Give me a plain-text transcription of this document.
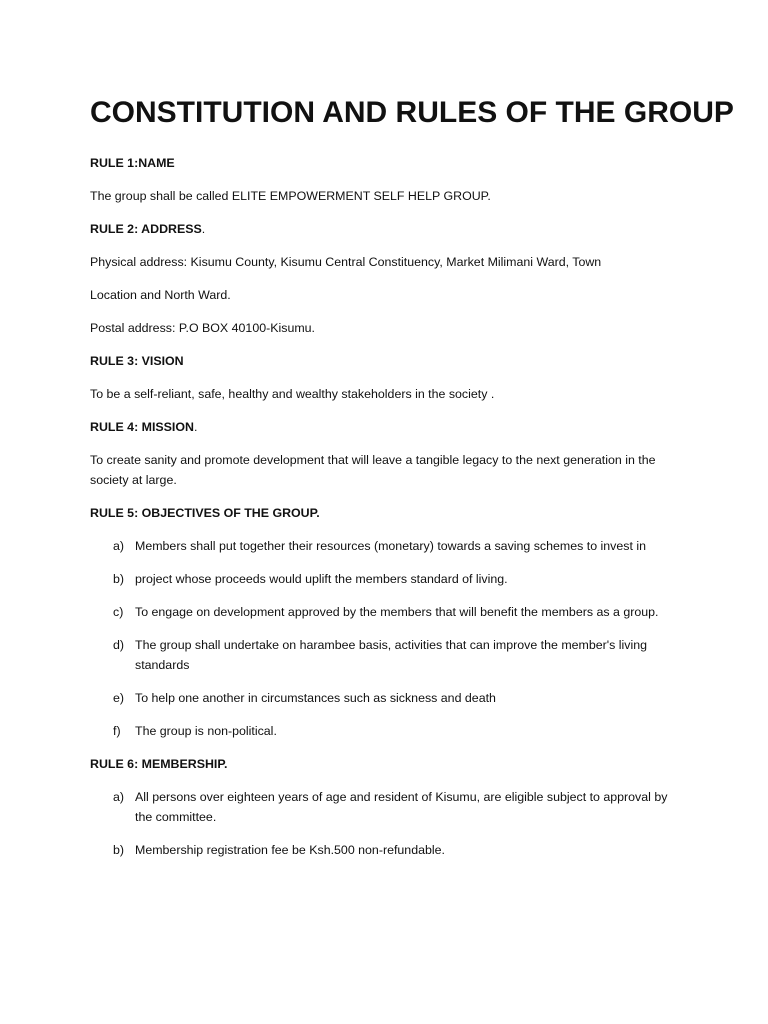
CONSTITUTION AND RULES OF THE GROUP

RULE 1:NAME

The group shall be called ELITE EMPOWERMENT SELF HELP GROUP.

RULE 2: ADDRESS.

Physical address: Kisumu County, Kisumu Central Constituency, Market Milimani Ward, Town

Location and North Ward.

Postal address: P.O BOX 40100-Kisumu.

RULE 3: VISION

To be a self-reliant, safe, healthy and wealthy stakeholders in the society .

RULE 4: MISSION.

To create sanity and promote development that will leave a tangible legacy to the next generation in the society at large.

RULE 5: OBJECTIVES OF THE GROUP.

a) Members shall put together their resources (monetary) towards a saving schemes to invest in
b) project whose proceeds would uplift the members standard of living.
c) To engage on development approved by the members that will benefit the members as a group.
d) The group shall undertake on harambee basis, activities that can improve the member's living standards
e) To help one another in circumstances such as sickness and death
f) The group is non-political.

RULE 6: MEMBERSHIP.

a) All persons over eighteen years of age and resident of Kisumu, are eligible subject to approval by the committee.
b) Membership registration fee be Ksh.500 non-refundable.
